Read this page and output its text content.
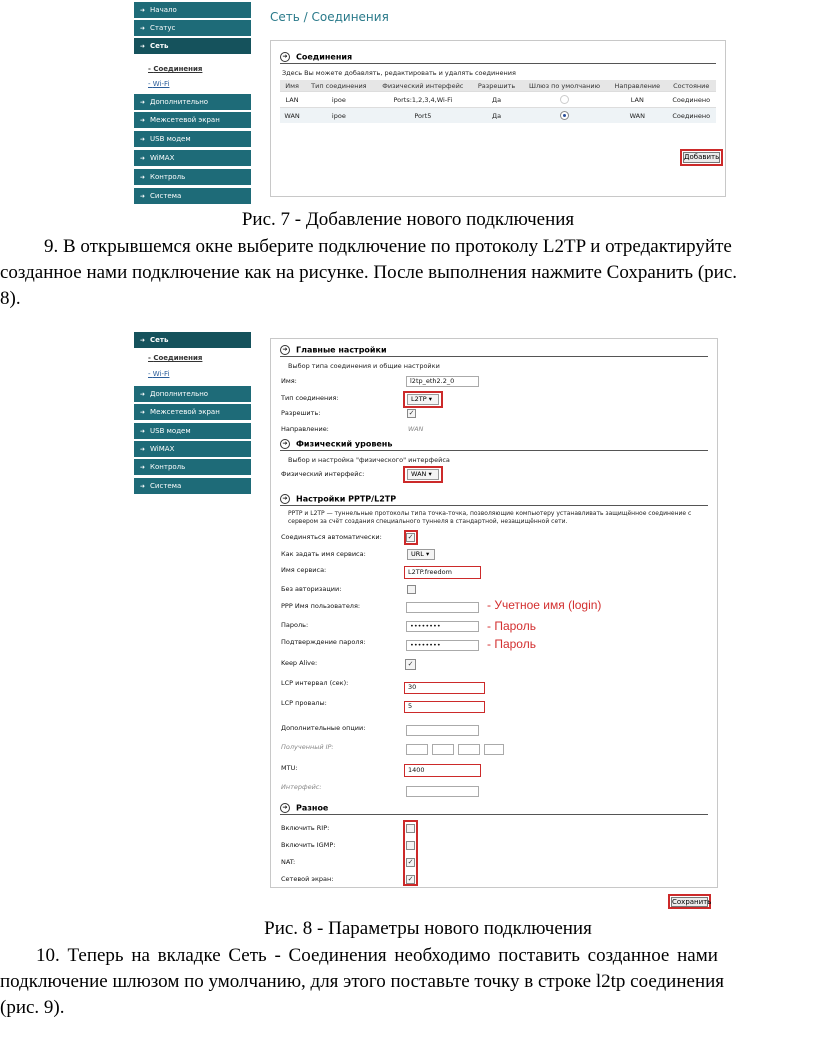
➜ Начало
➜ Статус
➜ Сеть
- Соединения
- Wi-Fi
➜ Дополнительно
➜ Межсетевой экран
➜ USB модем
➜ WiMAX
➜ Контроль
➜ Система
Сеть / Соединения
➔ Соединения
Здесь Вы можете добавлять, редактировать и удалять соединения
Имя	Тип соединения	Физический интерфейс	Разрешить	Шлюз по умолчанию	Направление	Состояние
LAN	ipoe	Ports:1,2,3,4,Wi-Fi	Да		LAN	Соединено
WAN	ipoe	Port5	Да		WAN	Соединено
Добавить
Рис. 7 - Добавление нового подключения
9. В открывшемся окне выберите подключение по протоколу L2TP и отредактируйте
созданное нами подключение как на рисунке. После выполнения нажмите Сохранить (рис.
8).
➜ Сеть
- Соединения
- Wi-Fi
➜ Дополнительно
➜ Межсетевой экран
➜ USB модем
➜ WiMAX
➜ Контроль
➜ Система
➔ Главные настройки
Выбор типа соединения и общие настройки
Имя:	l2tp_eth2.2_0
Тип соединения:	L2TP ▾
Разрешить:	✓
Направление:	WAN
➔ Физический уровень
Выбор и настройка "физического" интерфейса
Физический интерфейс:	WAN ▾
➔ Настройки PPTP/L2TP
PPTP и L2TP — туннельные протоколы типа точка-точка, позволяющие компьютеру устанавливать защищённое соединение с
сервером за счёт создания специального туннеля в стандартной, незащищённой сети.
Соединяться автоматически:	✓
Как задать имя сервиса:	URL ▾
Имя сервиса:	L2TP.freedom
Без авторизации:
PPP Имя пользователя:	- Учетное имя (login)
Пароль:	••••••••	- Пароль
Подтверждение пароля:	••••••••	- Пароль
Keep Alive:	✓
LCP интервал (сек):	30
LCP провалы:	5
Дополнительные опции:
Полученный IP:
MTU:	1400
Интерфейс:
➔ Разное
Включить RIP:
Включить IGMP:
NAT:	✓
Сетевой экран:	✓
Сохранить
Рис. 8 - Параметры нового подключения
10. Теперь на вкладке Сеть - Соединения необходимо поставить созданное нами
подключение шлюзом по умолчанию, для этого поставьте точку в строке l2tp соединения
(рис. 9).
